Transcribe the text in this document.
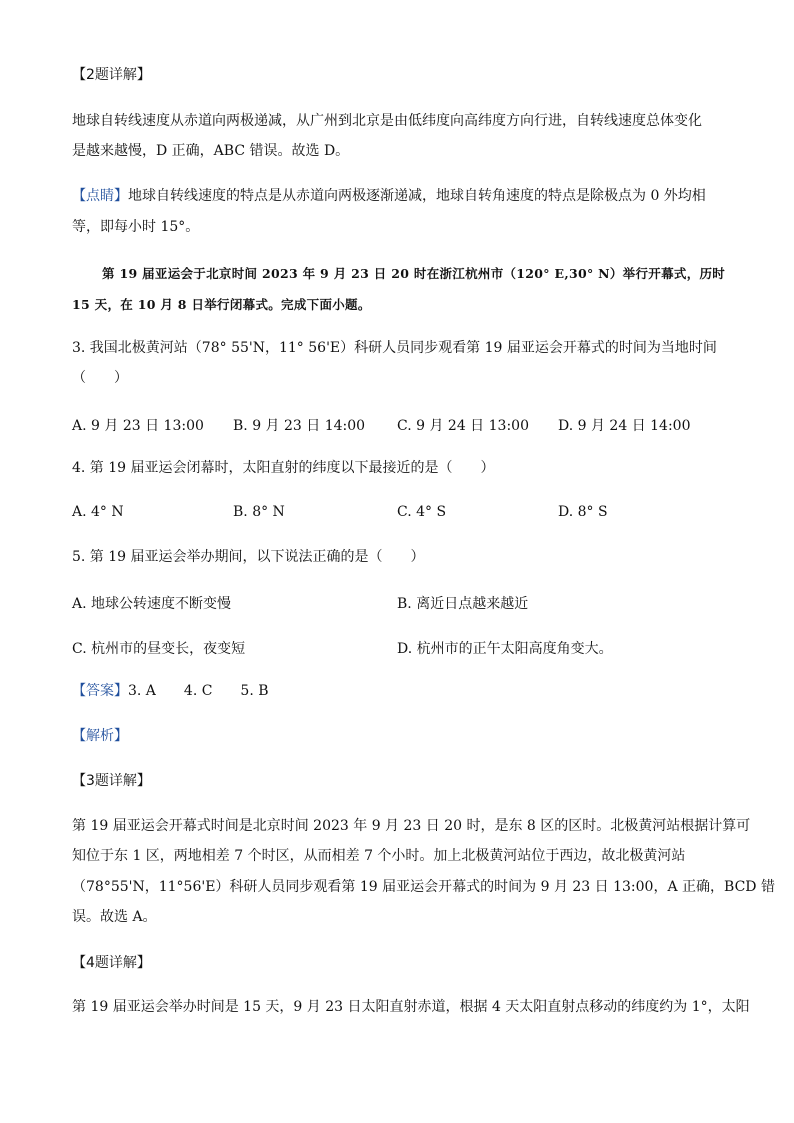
【2题详解】
地球自转线速度从赤道向两极递减，从广州到北京是由低纬度向高纬度方向行进，自转线速度总体变化
是越来越慢，D 正确，ABC 错误。故选 D。
【点睛】地球自转线速度的特点是从赤道向两极逐渐递减，地球自转角速度的特点是除极点为 0 外均相
等，即每小时 15°。
第 19 届亚运会于北京时间 2023 年 9 月 23 日 20 时在浙江杭州市（120° E,30° N）举行开幕式，历时
15 天，在 10 月 8 日举行闭幕式。完成下面小题。
3. 我国北极黄河站（78° 55'N，11° 56'E）科研人员同步观看第 19 届亚运会开幕式的时间为当地时间
（　　）
A. 9 月 23 日 13:00 B. 9 月 23 日 14:00 C. 9 月 24 日 13:00 D. 9 月 24 日 14:00
4. 第 19 届亚运会闭幕时，太阳直射的纬度以下最接近的是（　　）
A. 4° N	B. 8° N	C. 4° S	D. 8° S
5. 第 19 届亚运会举办期间，以下说法正确的是（　　）
A. 地球公转速度不断变慢	B. 离近日点越来越近
C. 杭州市的昼变长，夜变短	D. 杭州市的正午太阳高度角变大。
【答案】3. A　　4. C　　5. B
【解析】
【3题详解】
第 19 届亚运会开幕式时间是北京时间 2023 年 9 月 23 日 20 时，是东 8 区的区时。北极黄河站根据计算可
知位于东 1 区，两地相差 7 个时区，从而相差 7 个小时。加上北极黄河站位于西边，故北极黄河站
（78°55'N，11°56'E）科研人员同步观看第 19 届亚运会开幕式的时间为 9 月 23 日 13:00，A 正确，BCD 错
误。故选 A。
【4题详解】
第 19 届亚运会举办时间是 15 天，9 月 23 日太阳直射赤道，根据 4 天太阳直射点移动的纬度约为 1°，太阳
